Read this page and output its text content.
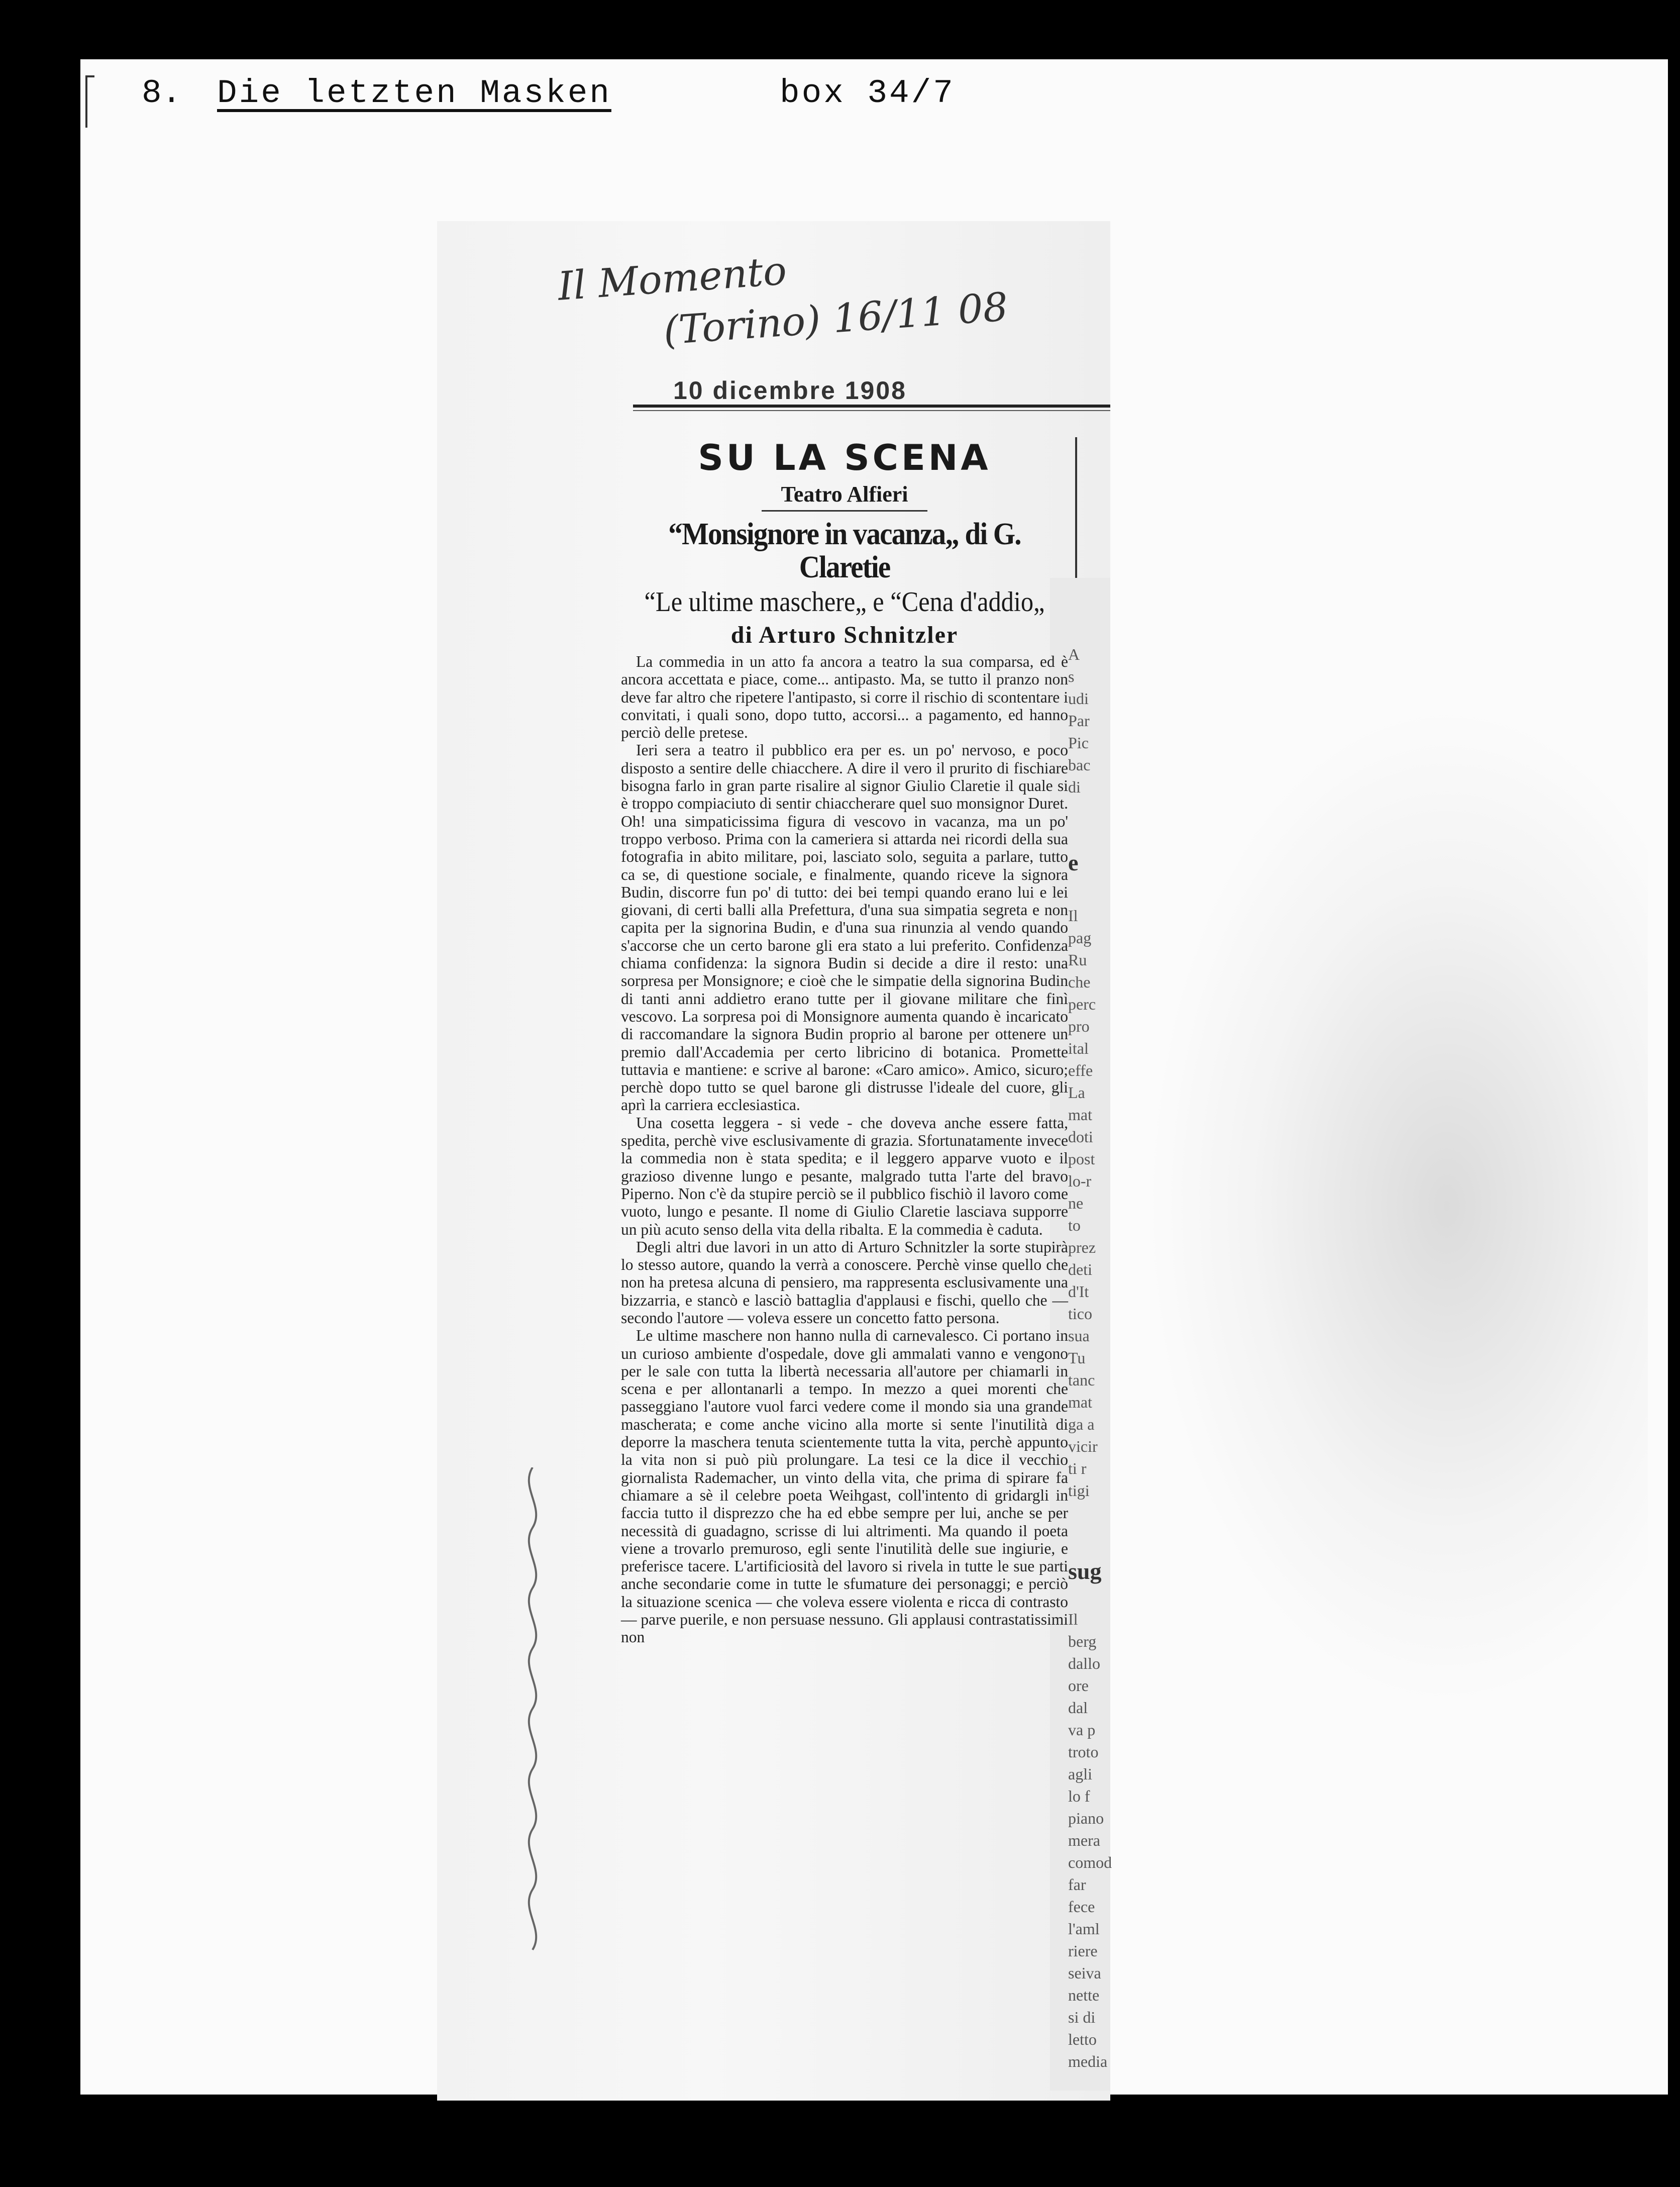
8. Die letzten Masken	box 34/7
Il Momento
(Torino) 16/11 08
10 dicembre 1908
SU LA SCENA
Teatro Alfieri
“Monsignore in vacanza„ di G. Claretie
“Le ultime maschere„ e “Cena d'addio„
di Arturo Schnitzler

La commedia in un atto fa ancora a teatro la sua comparsa, ed è ancora accettata e piace, come... antipasto. Ma, se tutto il pranzo non deve far altro che ripetere l'antipasto, si corre il rischio di scontentare i convitati, i quali sono, dopo tutto, accorsi... a pagamento, ed hanno perciò delle pretese.

Ieri sera a teatro il pubblico era per es. un po' nervoso, e poco disposto a sentire delle chiacchere. A dire il vero il prurito di fischiare bisogna farlo in gran parte risalire al signor Giulio Claretie il quale si è troppo compiaciuto di sentir chiaccherare quel suo monsignor Duret. Oh! una simpaticissima figura di vescovo in vacanza, ma un po' troppo verboso. Prima con la cameriera si attarda nei ricordi della sua fotografia in abito militare, poi, lasciato solo, seguita a parlare, tutto ca se, di questione sociale, e finalmente, quando riceve la signora Budin, discorre fun po' di tutto: dei bei tempi quando erano lui e lei giovani, di certi balli alla Prefettura, d'una sua simpatia segreta e non capita per la signorina Budin, e d'una sua rinunzia al vendo quando s'accorse che un certo barone gli era stato a lui preferito. Confidenza chiama confidenza: la signora Budin si decide a dire il resto: una sorpresa per Monsignore; e cioè che le simpatie della signorina Budin di tanti anni addietro erano tutte per il giovane militare che finì vescovo. La sorpresa poi di Monsignore aumenta quando è incaricato di raccomandare la signora Budin proprio al barone per ottenere un premio dall'Accademia per certo libricino di botanica. Promette tuttavia e mantiene: e scrive al barone: «Caro amico». Amico, sicuro; perchè dopo tutto se quel barone gli distrusse l'ideale del cuore, gli aprì la carriera ecclesiastica.

Una cosetta leggera - si vede - che doveva anche essere fatta, spedita, perchè vive esclusivamente di grazia. Sfortunatamente invece la commedia non è stata spedita; e il leggero apparve vuoto e il grazioso divenne lungo e pesante, malgrado tutta l'arte del bravo Piperno. Non c'è da stupire perciò se il pubblico fischiò il lavoro come vuoto, lungo e pesante. Il nome di Giulio Claretie lasciava supporre un più acuto senso della vita della ribalta. E la commedia è caduta.

Degli altri due lavori in un atto di Arturo Schnitzler la sorte stupirà lo stesso autore, quando la verrà a conoscere. Perchè vinse quello che non ha pretesa alcuna di pensiero, ma rappresenta esclusivamente una bizzarria, e stancò e lasciò battaglia d'applausi e fischi, quello che — secondo l'autore — voleva essere un concetto fatto persona.

Le ultime maschere non hanno nulla di carnevalesco. Ci portano in un curioso ambiente d'ospedale, dove gli ammalati vanno e vengono per le sale con tutta la libertà necessaria all'autore per chiamarli in scena e per allontanarli a tempo. In mezzo a quei morenti che passeggiano l'autore vuol farci vedere come il mondo sia una grande mascherata; e come anche vicino alla morte si sente l'inutilità di deporre la maschera tenuta scientemente tutta la vita, perchè appunto la vita non si può più prolungare. La tesi ce la dice il vecchio giornalista Rademacher, un vinto della vita, che prima di spirare fa chiamare a sè il celebre poeta Weihgast, coll'intento di gridargli in faccia tutto il disprezzo che ha ed ebbe sempre per lui, anche se per necessità di guadagno, scrisse di lui altrimenti. Ma quando il poeta viene a trovarlo premuroso, egli sente l'inutilità delle sue ingiurie, e preferisce tacere. L'artificiosità del lavoro si rivela in tutte le sue parti anche secondarie come in tutte le sfumature dei personaggi; e perciò la situazione scenica — che voleva essere violenta e ricca di contrasto — parve puerile, e non persuase nessuno. Gli applausi contrastatissimi non

A
s
udi
Par
Pic
bac
di
e
Il
pag
Ru
che
perc
pro
ital
effe
La
mat
doti
post
lo-r
ne
to
prez
deti
d'It
tico
sua
Tu
tanc
mat
ga a
vicir
ti r
tigi
sug
Il
berg
dallo
ore
dal
va p
troto
agli
lo f
piano
mera
comod
far
fece
l'aml
riere
seiva
nette
si di
letto
media
